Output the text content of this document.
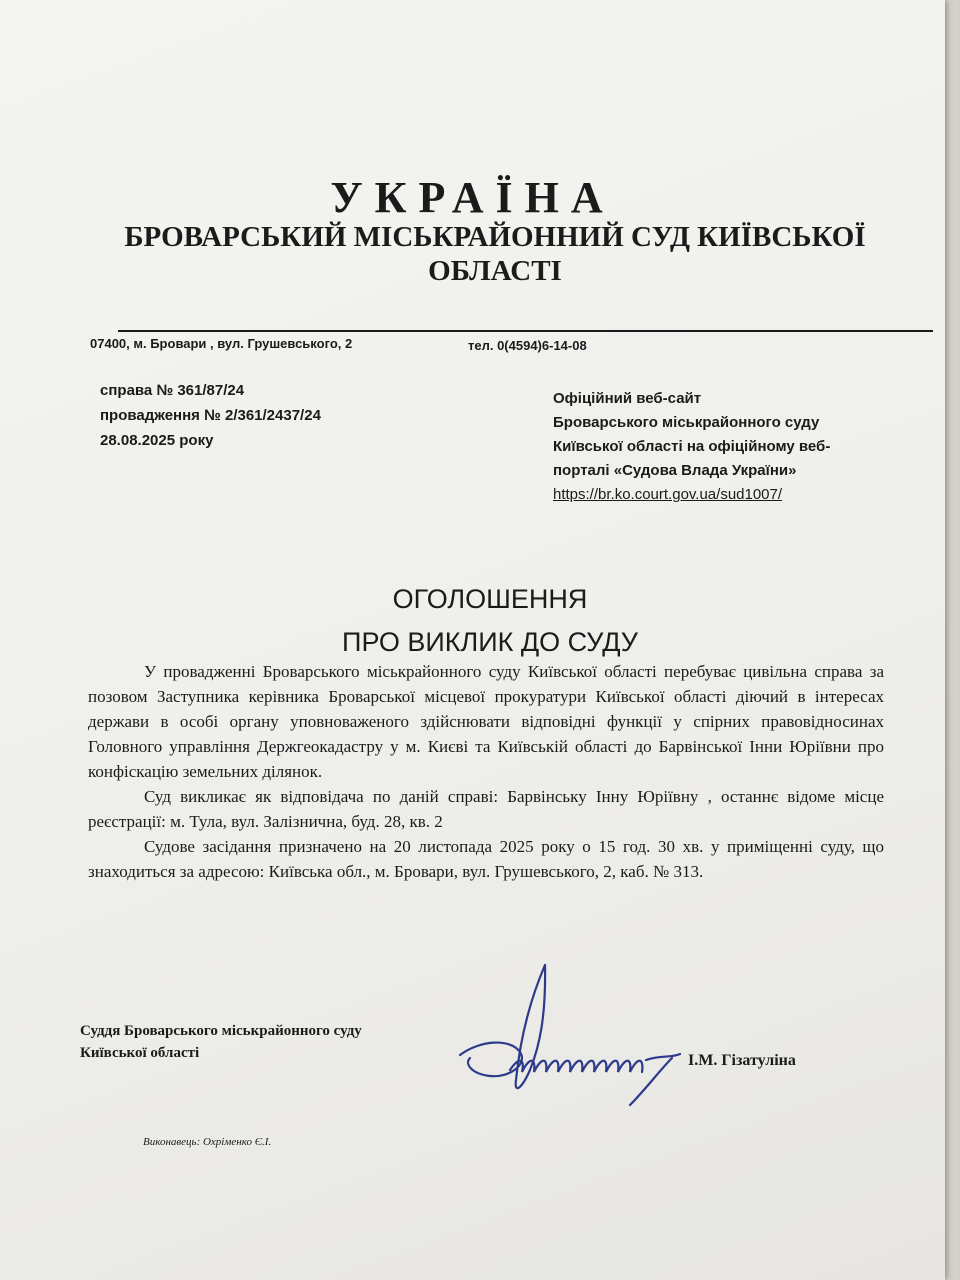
УКРАЇНА
БРОВАРСЬКИЙ МІСЬКРАЙОННИЙ СУД КИЇВСЬКОЇ
ОБЛАСТІ
07400, м. Бровари , вул. Грушевського, 2	тел. 0(4594)6-14-08
справа № 361/87/24
провадження № 2/361/2437/24
28.08.2025 року
Офіційний веб-сайт
Броварського міськрайонного суду
Київської області на офіційному веб-
порталі «Судова Влада України»
https://br.ko.court.gov.ua/sud1007/
ОГОЛОШЕННЯ
ПРО ВИКЛИК ДО СУДУ

У провадженні Броварського міськрайонного суду Київської області перебуває цивільна справа за позовом Заступника керівника Броварської місцевої прокуратури Київської області діючий в інтересах держави в особі органу уповноваженого здійснювати відповідні функції у спірних правовідносинах Головного управління Держгеокадастру у м. Києві та Київській області до Барвінської Інни Юріївни про конфіскацію земельних ділянок.

Суд викликає як відповідача по даній справі: Барвінську Інну Юріївну , останнє відоме місце реєстрації: м. Тула, вул. Залізнична, буд. 28, кв. 2

Судове засідання призначено на 20 листопада 2025 року о 15 год. 30 хв. у приміщенні суду, що знаходиться за адресою: Київська обл., м. Бровари, вул. Грушевського, 2, каб. № 313.

Суддя Броварського міськрайонного суду
Київської області	І.М. Гізатуліна
Виконавець: Охріменко Є.І.
